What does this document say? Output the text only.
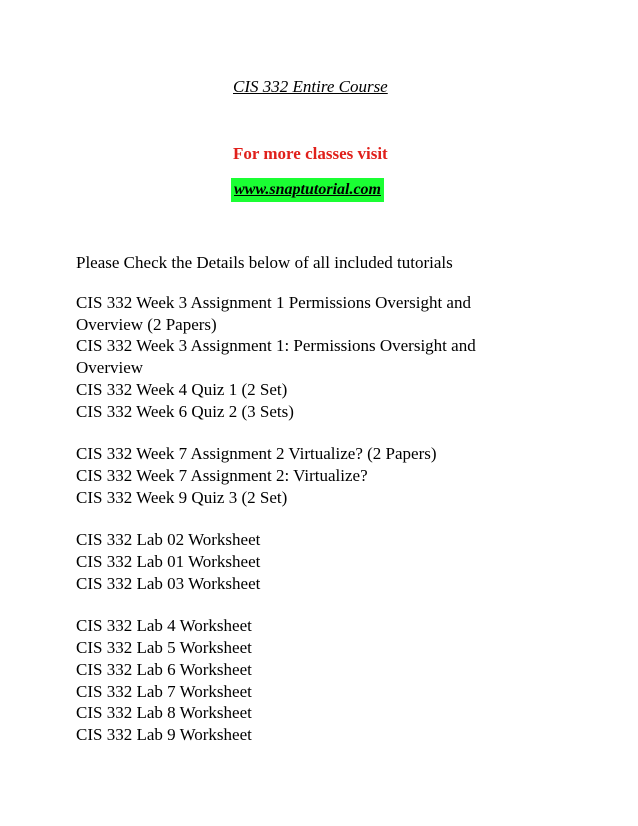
CIS 332 Entire Course
For more classes visit
www.snaptutorial.com
Please Check the Details below of all included tutorials
CIS 332 Week 3 Assignment 1 Permissions Oversight and
Overview (2 Papers)
CIS 332 Week 3 Assignment 1: Permissions Oversight and
Overview
CIS 332 Week 4 Quiz 1 (2 Set)
CIS 332 Week 6 Quiz 2 (3 Sets)
CIS 332 Week 7 Assignment 2 Virtualize? (2 Papers)
CIS 332 Week 7 Assignment 2: Virtualize?
CIS 332 Week 9 Quiz 3 (2 Set)
CIS 332 Lab 02 Worksheet
CIS 332 Lab 01 Worksheet
CIS 332 Lab 03 Worksheet
CIS 332 Lab 4 Worksheet
CIS 332 Lab 5 Worksheet
CIS 332 Lab 6 Worksheet
CIS 332 Lab 7 Worksheet
CIS 332 Lab 8 Worksheet
CIS 332 Lab 9 Worksheet
